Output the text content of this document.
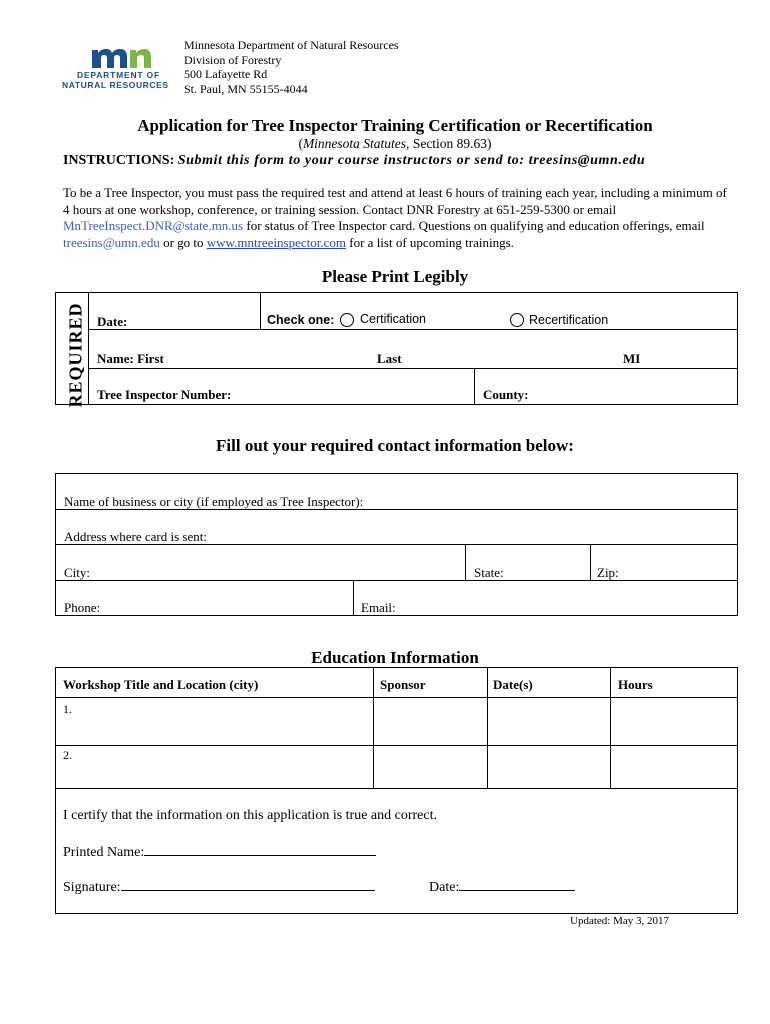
DEPARTMENT OF
NATURAL RESOURCES
Minnesota Department of Natural Resources
Division of Forestry
500 Lafayette Rd
St. Paul, MN 55155-4044
Application for Tree Inspector Training Certification or Recertification
(Minnesota Statutes, Section 89.63)
INSTRUCTIONS: Submit this form to your course instructors or send to: treesins@umn.edu
To be a Tree Inspector, you must pass the required test and attend at least 6 hours of training each year, including a minimum of 4 hours at one workshop, conference, or training session. Contact DNR Forestry at 651-259-5300 or email MnTreeInspect.DNR@state.mn.us for status of Tree Inspector card. Questions on qualifying and education offerings, email treesins@umn.edu or go to www.mntreeinspector.com for a list of upcoming trainings.
Please Print Legibly
REQUIRED Date:	Check one: Certification	Recertification
Name: First	Last	MI
Tree Inspector Number:	County:
Fill out your required contact information below:
Name of business or city (if employed as Tree Inspector):
Address where card is sent:
City:	State:	Zip:
Phone:	Email:
Education Information
Workshop Title and Location (city)	Sponsor	Date(s)	Hours
1.
2.
I certify that the information on this application is true and correct.
Printed Name:
Signature:	Date:
Updated: May 3, 2017
